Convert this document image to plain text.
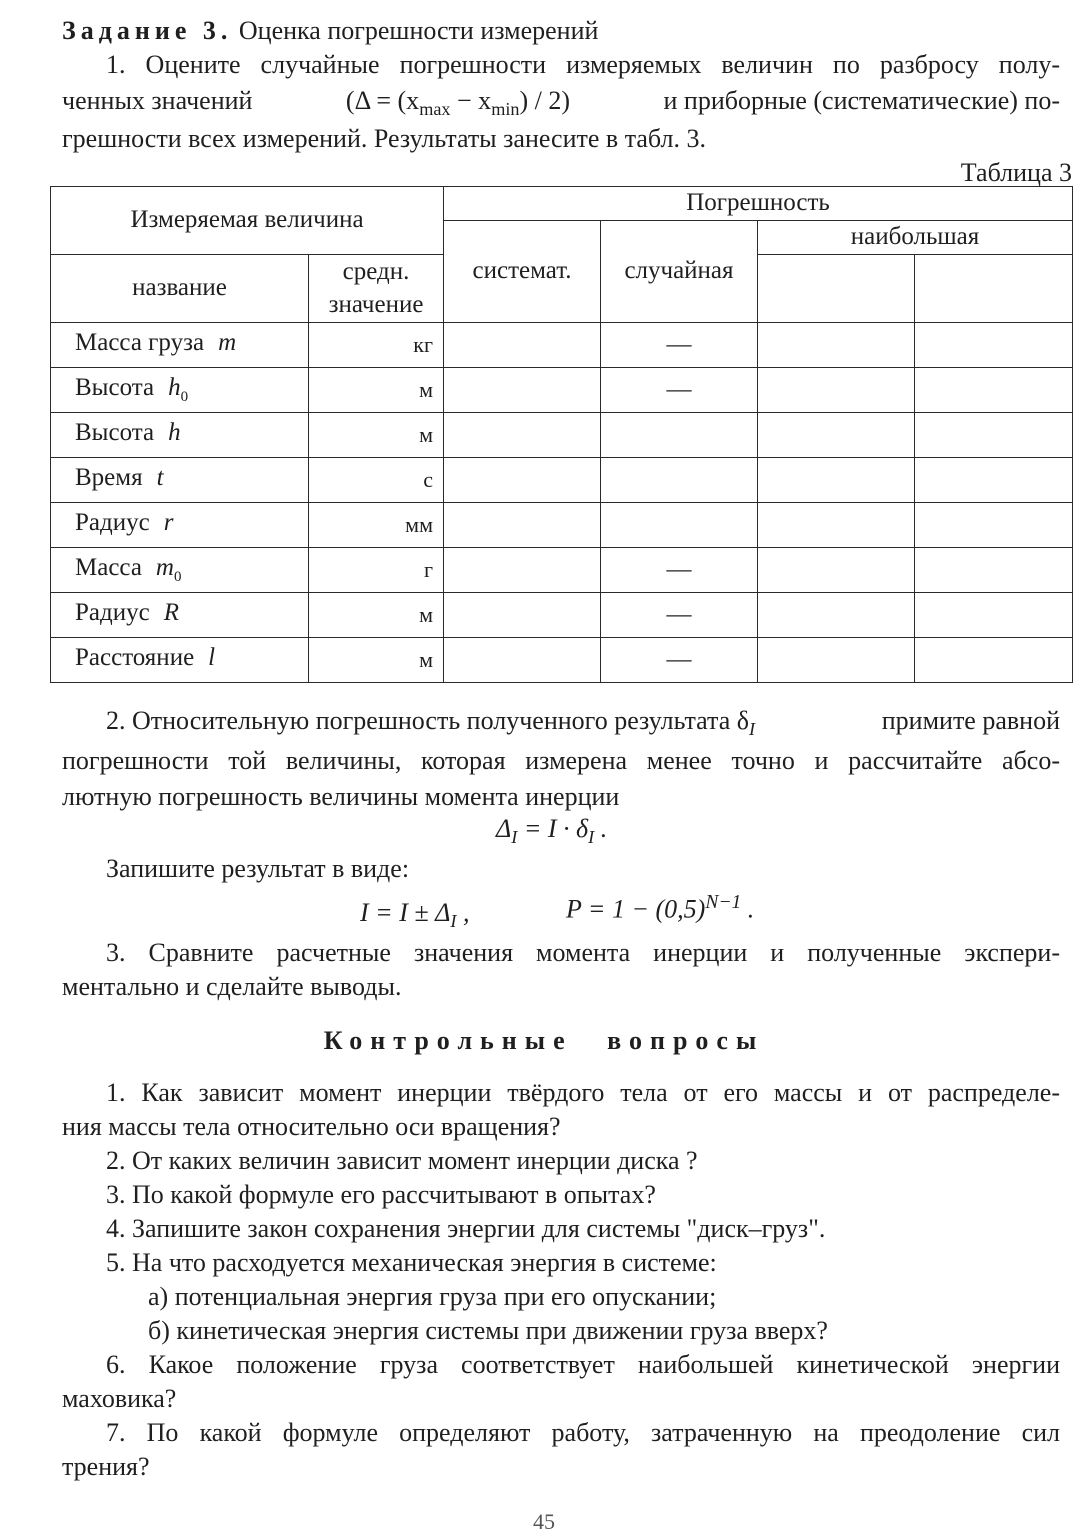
Задание 3. Оценка погрешности измерений

1. Оцените случайные погрешности измеряемых величин по разбросу полу-

ченных значений	$(\Delta = (x_{max} - x_{min}) / 2)$	и приборные (систематические) по-

грешности всех измерений. Результаты занесите в табл. 3.

Таблица 3

Измеряемая величина		Погрешность			
		системат.	случайная	наибольшая	
название	средн. значение				
Масса груза m	кг		—		
Высота $h_0$	м		—		
Высота h	м				
Время t	с				
Радиус r	мм				
Масса $m_0$	г		—		
Радиус R	м		—		
Расстояние l	м		—		
2. Относительную погрешность полученного результата $\delta_I$	примите равной

погрешности той величины, которая измерена менее точно и рассчитайте абсо-

лютную погрешность величины момента инерции

$\Delta_I = I \cdot \delta_I$ .

Запишите результат в виде:

$I = I \pm \Delta_I$ ,	$P = 1 - (0,5)^{N-1}$ .

3. Сравните расчетные значения момента инерции и полученные экспери-

ментально и сделайте выводы.

Контрольные вопросы

1. Как зависит момент инерции твёрдого тела от его массы и от распределе-

ния массы тела относительно оси вращения?

2. От каких величин зависит момент инерции диска ?

3. По какой формуле его рассчитывают в опытах?

4. Запишите закон сохранения энергии для системы "диск–груз".

5. На что расходуется механическая энергия в системе:

а) потенциальная энергия груза при его опускании;

б) кинетическая энергия системы при движении груза вверх?

6. Какое положение груза соответствует наибольшей кинетической энергии

маховика?

7. По какой формуле определяют работу, затраченную на преодоление сил

трения?

45
